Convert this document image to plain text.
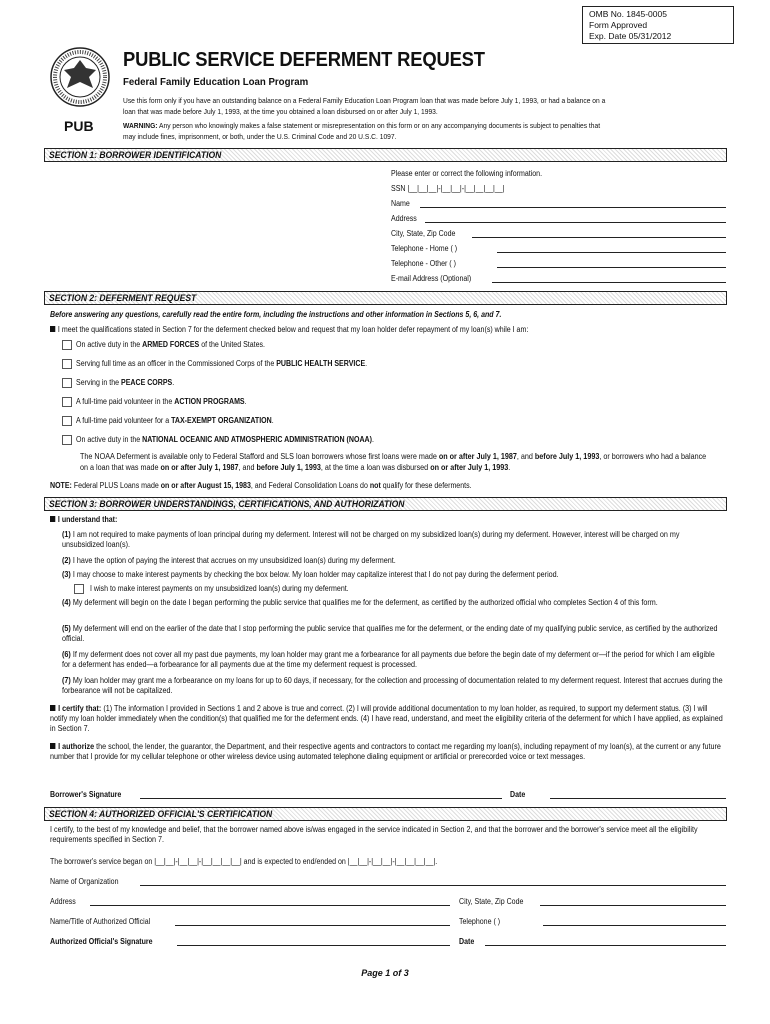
OMB No. 1845-0005
Form Approved
Exp. Date 05/31/2012
PUB
PUBLIC SERVICE DEFERMENT REQUEST
Federal Family Education Loan Program
Use this form only if you have an outstanding balance on a Federal Family Education Loan Program loan that was made before July 1, 1993, or had a balance on a loan that was made before July 1, 1993, at the time you obtained a loan disbursed on or after July 1, 1993.
WARNING: Any person who knowingly makes a false statement or misrepresentation on this form or on any accompanying documents is subject to penalties that may include fines, imprisonment, or both, under the U.S. Criminal Code and 20 U.S.C. 1097.
SECTION 1: BORROWER IDENTIFICATION
Please enter or correct the following information.
SSN |__|__|__|-|__|__|-|__|__|__|__|
Name
Address
City, State, Zip Code
Telephone - Home ( )
Telephone - Other ( )
E-mail Address (Optional)
SECTION 2: DEFERMENT REQUEST
Before answering any questions, carefully read the entire form, including the instructions and other information in Sections 5, 6, and 7.
I meet the qualifications stated in Section 7 for the deferment checked below and request that my loan holder defer repayment of my loan(s) while I am:
On active duty in the ARMED FORCES of the United States.
Serving full time as an officer in the Commissioned Corps of the PUBLIC HEALTH SERVICE.
Serving in the PEACE CORPS.
A full-time paid volunteer in the ACTION PROGRAMS.
A full-time paid volunteer for a TAX-EXEMPT ORGANIZATION.
On active duty in the NATIONAL OCEANIC AND ATMOSPHERIC ADMINISTRATION (NOAA).
The NOAA Deferment is available only to Federal Stafford and SLS loan borrowers whose first loans were made on or after July 1, 1987, and before July 1, 1993, or borrowers who had a balance on a loan that was made on or after July 1, 1987, and before July 1, 1993, at the time a loan was disbursed on or after July 1, 1993.
NOTE: Federal PLUS Loans made on or after August 15, 1983, and Federal Consolidation Loans do not qualify for these deferments.
SECTION 3: BORROWER UNDERSTANDINGS, CERTIFICATIONS, AND AUTHORIZATION
I understand that:
(1) I am not required to make payments of loan principal during my deferment. Interest will not be charged on my subsidized loan(s) during my deferment. However, interest will be charged on my unsubsidized loan(s).
(2) I have the option of paying the interest that accrues on my unsubsidized loan(s) during my deferment.
(3) I may choose to make interest payments by checking the box below. My loan holder may capitalize interest that I do not pay during the deferment period.
I wish to make interest payments on my unsubsidized loan(s) during my deferment.
(4) My deferment will begin on the date I began performing the public service that qualifies me for the deferment, as certified by the authorized official who completes Section 4 of this form.
(5) My deferment will end on the earlier of the date that I stop performing the public service that qualifies me for the deferment, or the ending date of my qualifying public service, as certified by the authorized official.
(6) If my deferment does not cover all my past due payments, my loan holder may grant me a forbearance for all payments due before the begin date of my deferment or—if the period for which I am eligible for a deferment has ended—a forbearance for all payments due at the time my deferment request is processed.
(7) My loan holder may grant me a forbearance on my loans for up to 60 days, if necessary, for the collection and processing of documentation related to my deferment request. Interest that accrues during the forbearance will not be capitalized.
I certify that: (1) The information I provided in Sections 1 and 2 above is true and correct. (2) I will provide additional documentation to my loan holder, as required, to support my deferment status. (3) I will notify my loan holder immediately when the condition(s) that qualified me for the deferment ends. (4) I have read, understand, and meet the eligibility criteria of the deferment for which I have applied, as explained in Section 7.
I authorize the school, the lender, the guarantor, the Department, and their respective agents and contractors to contact me regarding my loan(s), including repayment of my loan(s), at the current or any future number that I provide for my cellular telephone or other wireless device using automated telephone dialing equipment or artificial or prerecorded voice or text messages.
Borrower's Signature	Date
SECTION 4: AUTHORIZED OFFICIAL'S CERTIFICATION
I certify, to the best of my knowledge and belief, that the borrower named above is/was engaged in the service indicated in Section 2, and that the borrower and the borrower's service meet all the eligibility requirements specified in Section 7.
The borrower's service began on |__|__|-|__|__|-|__|__|__|__| and is expected to end/ended on |__|__|-|__|__|-|__|__|__|__|.
Name of Organization
Address	City, State, Zip Code
Name/Title of Authorized Official	Telephone ( )
Authorized Official's Signature	Date
Page 1 of 3
